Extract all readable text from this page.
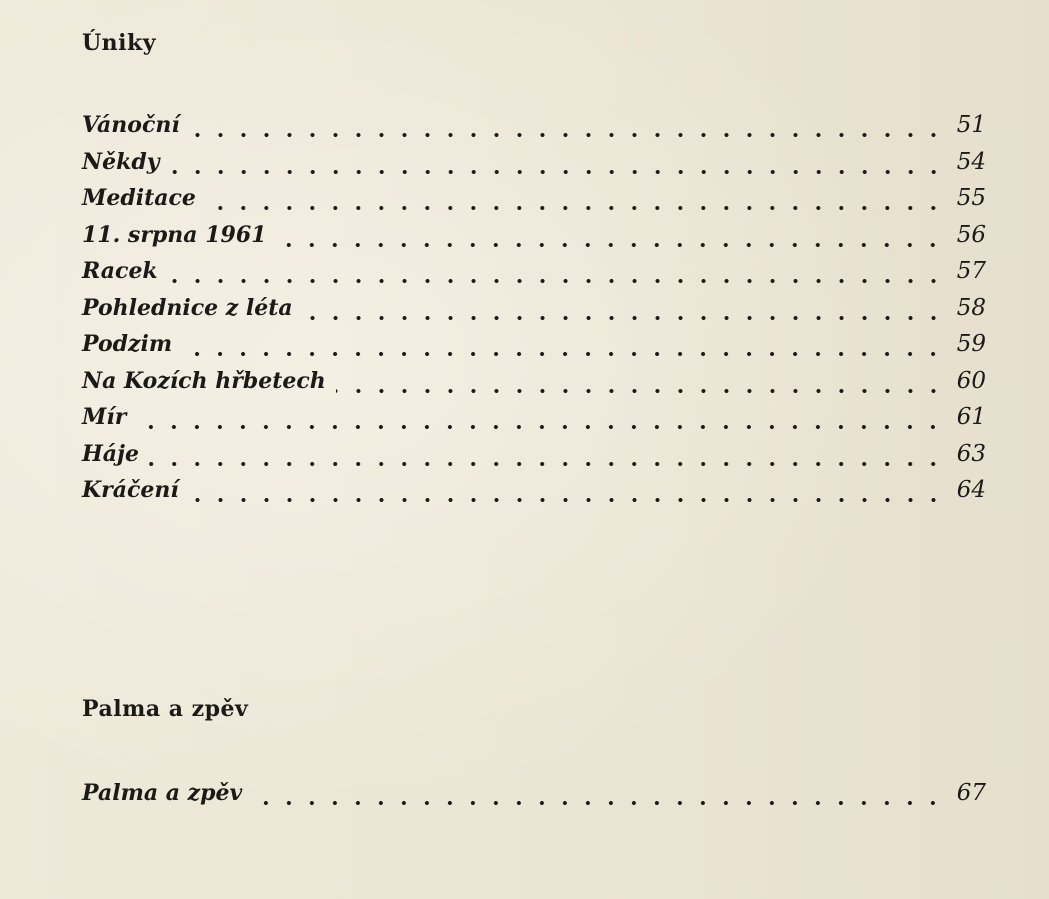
Úniky
Vánoční	51
Někdy	54
Meditace	55
11. srpna 1961	56
Racek	57
Pohlednice z léta	58
Podzim	59
Na Kozích hřbetech	60
Mír	61
Háje	63
Kráčení	64
Palma a zpěv
Palma a zpěv	67
